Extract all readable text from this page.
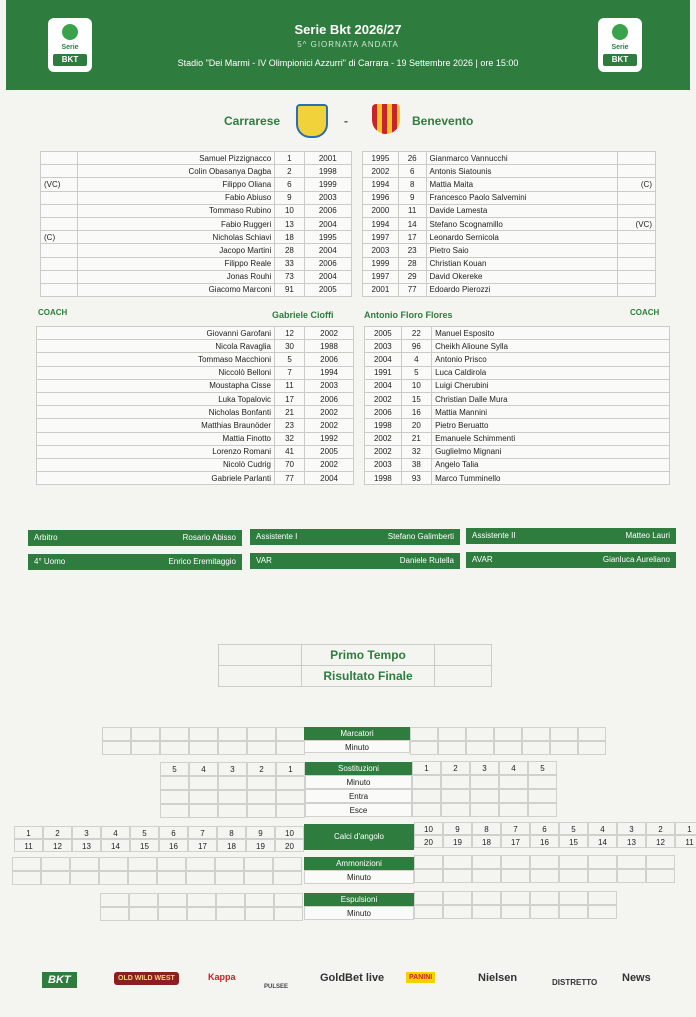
Serie
BKT
Serie Bkt 2026/27
5^ GIORNATA ANDATA
Stadio "Dei Marmi - IV Olimpionici Azzurri" di Carrara - 19 Settembre 2026 | ore 15:00
Serie
BKT
Carrarese	-	Benevento
	Samuel Pizzignacco	1	2001
	Colin Obasanya Dagba	2	1998
(VC)	Filippo Oliana	6	1999
	Fabio Abiuso	9	2003
	Tommaso Rubino	10	2006
	Fabio Ruggeri	13	2004
(C)	Nicholas Schiavi	18	1995
	Jacopo Martini	28	2004
	Filippo Reale	33	2006
	Jonas Rouhi	73	2004
	Giacomo Marconi	91	2005
1995	26	Gianmarco Vannucchi	
2002	6	Antonis Siatounis	
1994	8	Mattia Maita	(C)
1996	9	Francesco Paolo Salvemini	
2000	11	Davide Lamesta	
1994	14	Stefano Scognamillo	(VC)
1997	17	Leonardo Sernicola	
2003	23	Pietro Saio	
1999	28	Christian Kouan	
1997	29	David Okereke	
2001	77	Edoardo Pierozzi	
COACH	Gabriele Cioffi	Antonio Floro Flores	COACH
Giovanni Garofani	12	2002
Nicola Ravaglia	30	1988
Tommaso Macchioni	5	2006
Niccolò Belloni	7	1994
Moustapha Cisse	11	2003
Luka Topalovic	17	2006
Nicholas Bonfanti	21	2002
Matthias Braunöder	23	2002
Mattia Finotto	32	1992
Lorenzo Romani	41	2005
Nicolò Cudrig	70	2002
Gabriele Parlanti	77	2004
2005	22	Manuel Esposito
2003	96	Cheikh Alioune Sylla
2004	4	Antonio Prisco
1991	5	Luca Caldirola
2004	10	Luigi Cherubini
2002	15	Christian Dalle Mura
2006	16	Mattia Mannini
1998	20	Pietro Beruatto
2002	21	Emanuele Schimmenti
2002	32	Guglielmo Mignani
2003	38	Angelo Talia
1998	93	Marco Tumminello
Arbitro	Rosario Abisso	Assistente I	Stefano Galimberti Assistente II	Matteo Lauri
4° Uomo	Enrico Eremitaggio	VAR	Daniele Rutella AVAR	Gianluca Aureliano
	Primo Tempo	
	Risultato Finale	
Marcatori
Minuto
5	4	3	2	1	1	2	3	4	5
Sostituzioni
Minuto
Entra
Esce
1	2	3	4	5	6	7	8	9	10
11	12	13	14	15	16	17	18	19	20
Calci d'angolo
10	9	8	7	6	5	4	3	2	1
20	19	18	17	16	15	14	13	12	11
Ammonizioni
Minuto
Espulsioni
Minuto
BKT	OLD WILD WEST	Kappa
PULSEE
GoldBet live	PANINI	Nielsen	DISTRETTO News
